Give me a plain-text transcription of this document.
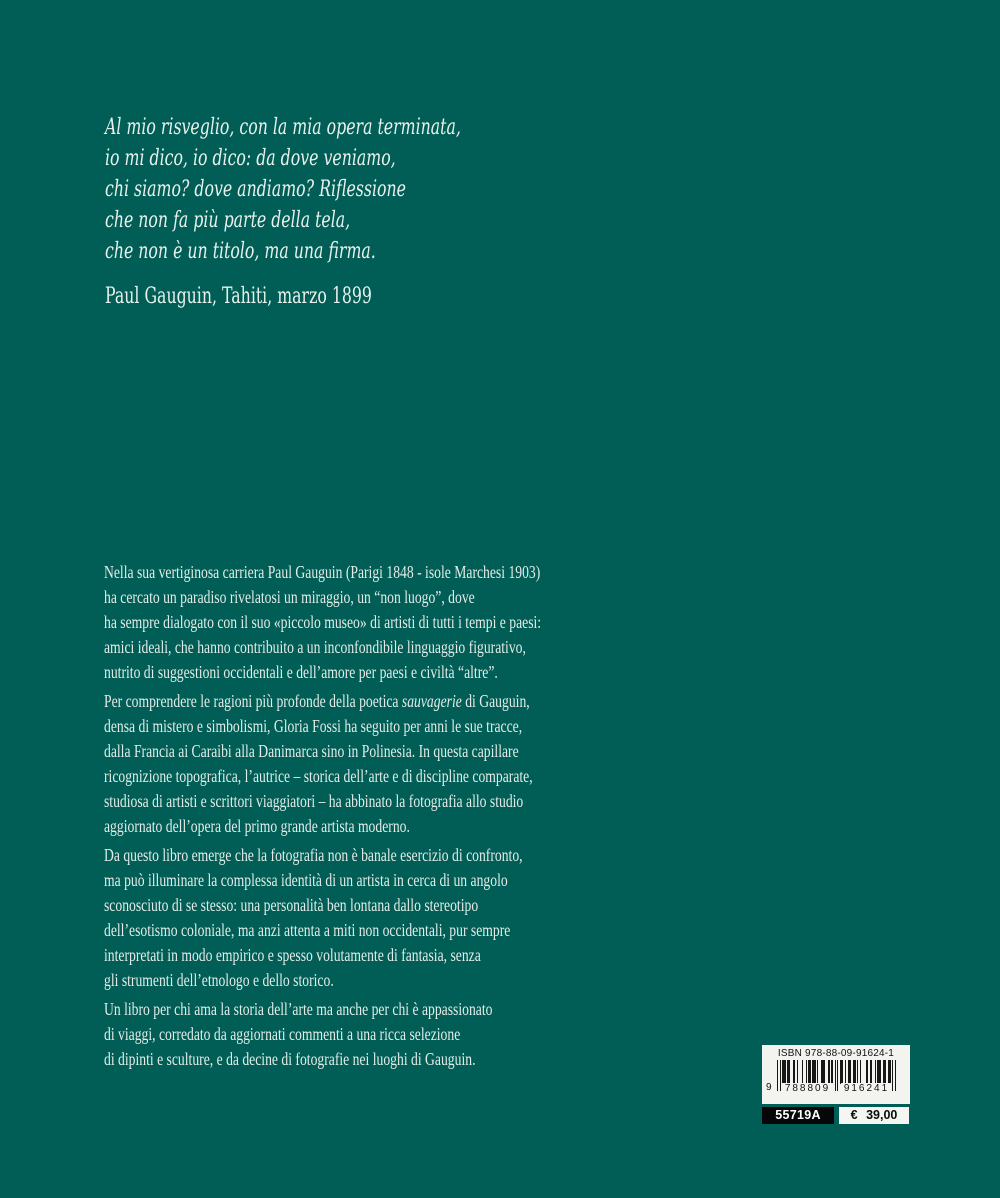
Al mio risveglio, con la mia opera terminata,
io mi dico, io dico: da dove veniamo,
chi siamo? dove andiamo? Riflessione
che non fa più parte della tela,
che non è un titolo, ma una firma.
Paul Gauguin, Tahiti, marzo 1899
Nella sua vertiginosa carriera Paul Gauguin (Parigi 1848 - isole Marchesi 1903)
ha cercato un paradiso rivelatosi un miraggio, un “non luogo”, dove
ha sempre dialogato con il suo «piccolo museo» di artisti di tutti i tempi e paesi:
amici ideali, che hanno contribuito a un inconfondibile linguaggio figurativo,
nutrito di suggestioni occidentali e dell’amore per paesi e civiltà “altre”.
Per comprendere le ragioni più profonde della poetica sauvagerie di Gauguin,
densa di mistero e simbolismi, Gloria Fossi ha seguito per anni le sue tracce,
dalla Francia ai Caraibi alla Danimarca sino in Polinesia. In questa capillare
ricognizione topografica, l’autrice – storica dell’arte e di discipline comparate,
studiosa di artisti e scrittori viaggiatori – ha abbinato la fotografia allo studio
aggiornato dell’opera del primo grande artista moderno.
Da questo libro emerge che la fotografia non è banale esercizio di confronto,
ma può illuminare la complessa identità di un artista in cerca di un angolo
sconosciuto di se stesso: una personalità ben lontana dallo stereotipo
dell’esotismo coloniale, ma anzi attenta a miti non occidentali, pur sempre
interpretati in modo empirico e spesso volutamente di fantasia, senza
gli strumenti dell’etnologo e dello storico.
Un libro per chi ama la storia dell’arte ma anche per chi è appassionato
di viaggi, corredato da aggiornati commenti a una ricca selezione
di dipinti e sculture, e da decine di fotografie nei luoghi di Gauguin.	ISBN 978-88-09-91624-1
9 788809 916241
55719A	€ 39,00
